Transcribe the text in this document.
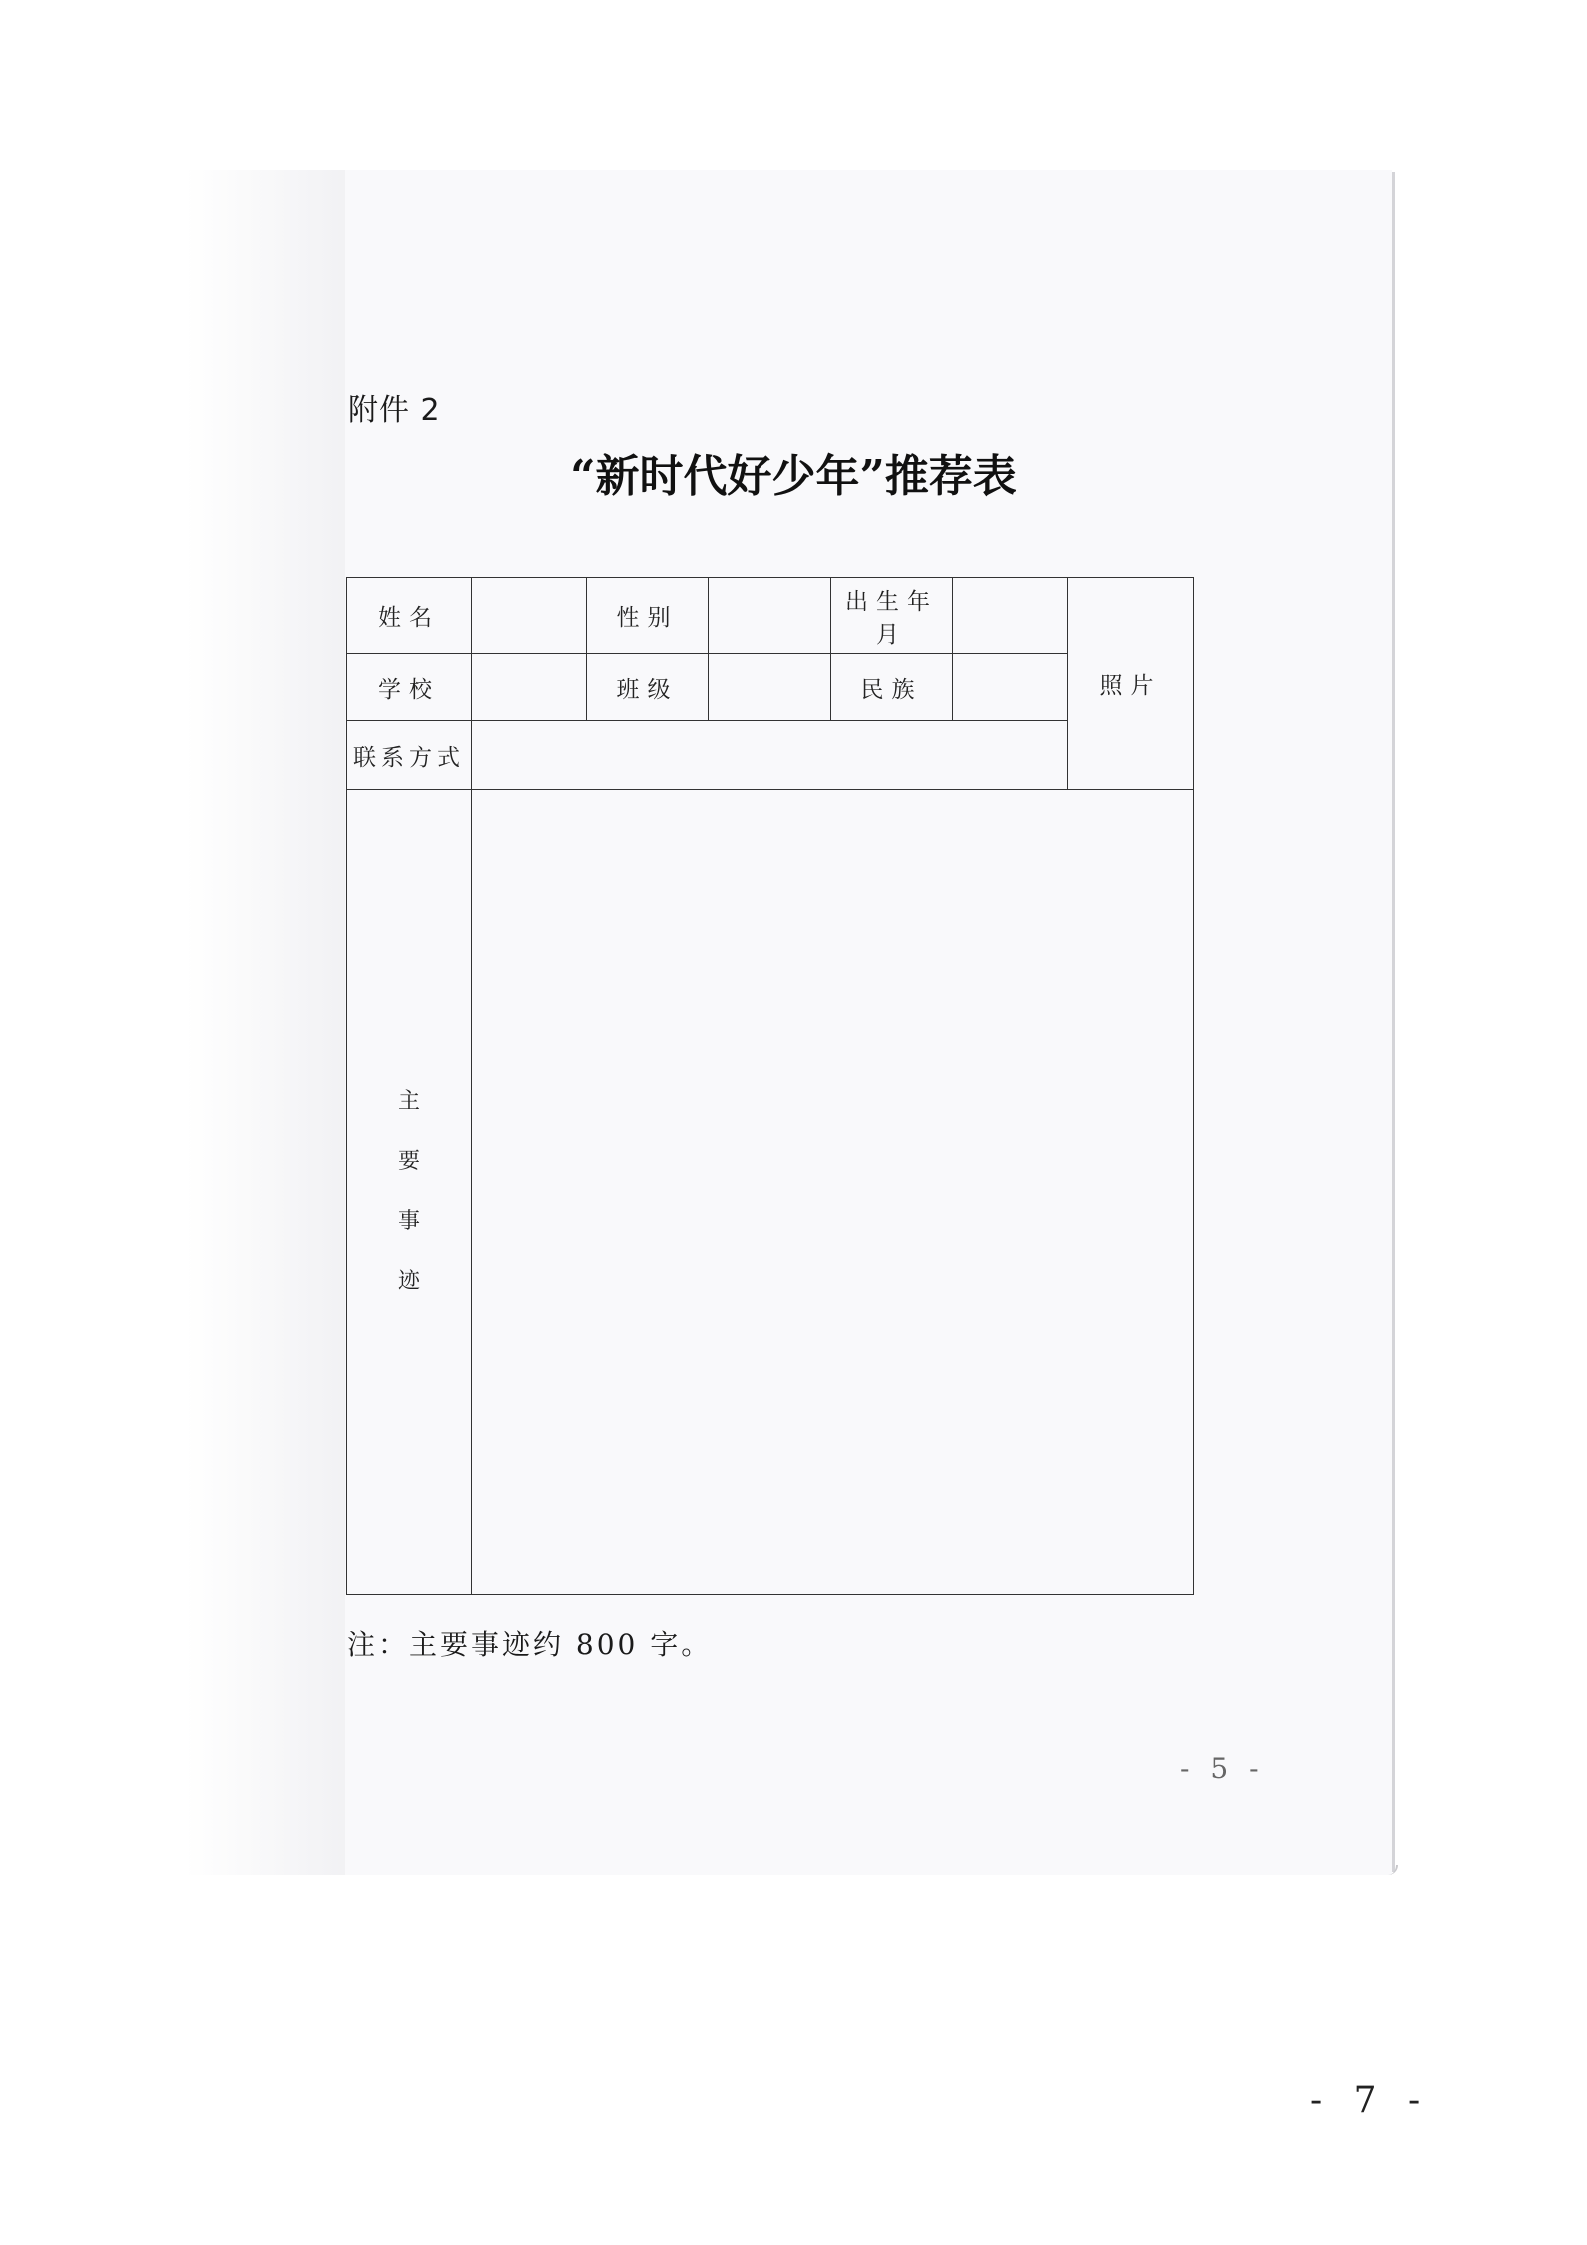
附件 2
“新时代好少年”推荐表
姓名		性别		出生年月		照片
学校		班级		民族		
联系方式						

主
要
事
迹						

注：主要事迹约 800 字。
- 5 -
- 7 -
